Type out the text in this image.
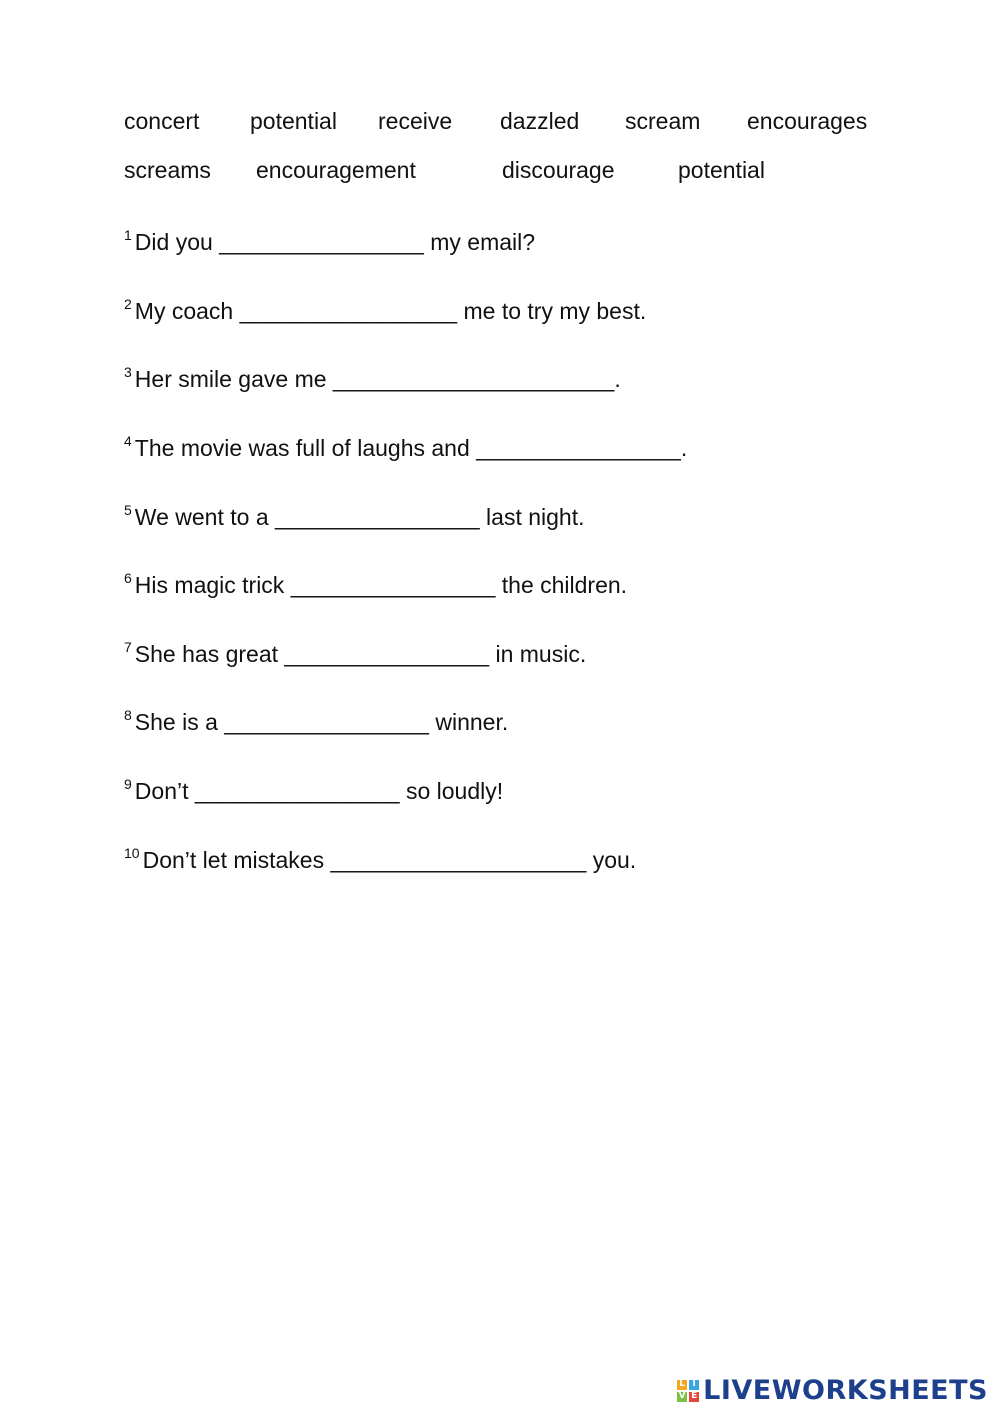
concert potential receive dazzled scream encourages
screams encouragement	discourage	potential
$^1$ Did you ________________ my email?
$^2$ My coach _________________ me to try my best.
$^3$ Her smile gave me ______________________.
$^4$ The movie was full of laughs and ________________.
$^5$ We went to a ________________ last night.
$^6$ His magic trick ________________ the children.
$^7$ She has great ________________ in music.
$^8$ She is a ________________ winner.
$^9$ Don’t ________________ so loudly!
$^{10}$ Don’t let mistakes ____________________ you.
L I
V E LIVEWORKSHEETS
